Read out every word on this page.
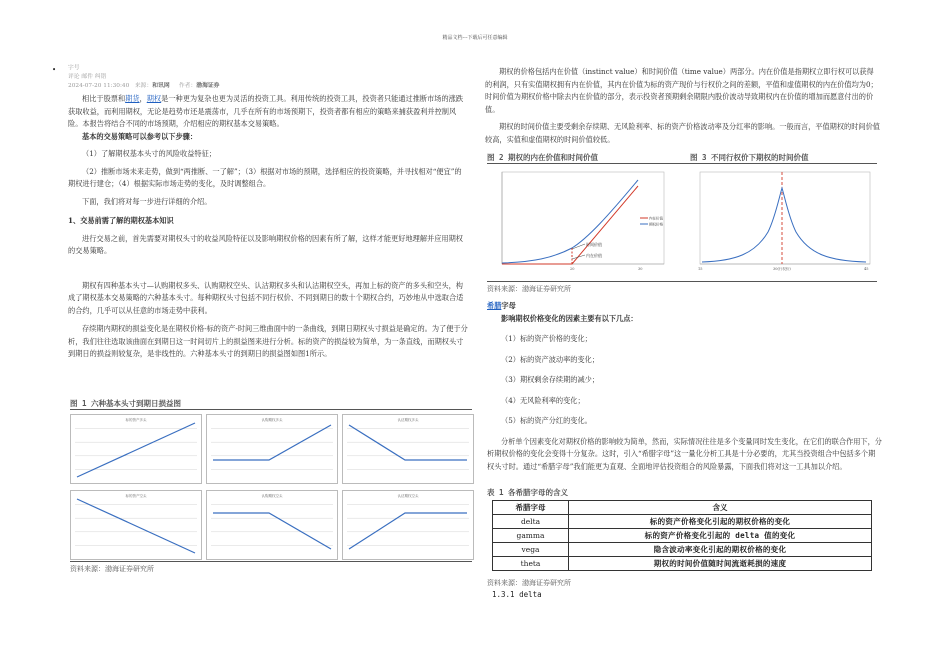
精品文档---下载后可任意编辑
• 字号
评论 邮件 纠错
2024-07-20 11:30:40 来源：和讯网 作者：渤海证券

相比于股票和期货，期权是一种更为复杂也更为灵活的投资工具。利用传统的投资工具，投资者只能通过推断市场的涨跌获取收益，而利用期权，无论是趋势市还是震荡市，几乎在所有的市场预期下，投资者都有相应的策略来捕获盈利并控制风险。本报告将结合不同的市场预期，介绍相应的期权基本交易策略。

基本的交易策略可以参考以下步骤：

（1）了解期权基本头寸的风险收益特征；

（2）推断市场未来走势，做到“两推断、一了解”；（3）根据对市场的预期，选择相应的投资策略，并寻找相对“便宜”的期权进行建仓；（4）根据实际市场走势的变化，及时调整组合。

下面，我们将对每一步进行详细的介绍。

1、交易前需了解的期权基本知识

进行交易之前，首先需要对期权头寸的收益风险特征以及影响期权价格的因素有所了解，这样才能更好地理解并应用期权的交易策略。

期权有四种基本头寸—认购期权多头、认购期权空头、认沽期权多头和认沽期权空头，再加上标的资产的多头和空头，构成了期权基本交易策略的六种基本头寸。每种期权头寸包括不同行权价、不同到期日的数十个期权合约，巧妙地从中选取合适的合约，几乎可以从任意的市场走势中获利。

存续期内期权的损益变化是在期权价格-标的资产-时间三维曲面中的一条曲线，到期日期权头寸损益是确定的。为了便于分析，我们往往选取该曲面在到期日这一时间切片上的损益图来进行分析。标的资产的损益较为简单，为一条直线，而期权头寸到期日的损益则较复杂，是非线性的。六种基本头寸的到期日的损益图如图1所示。

图 1 六种基本头寸到期日损益图
标的资产多头	认购期权多头	认沽期权多头
标的资产空头	认购期权空头	认沽期权空头
资料来源：渤海证券研究所

期权的价格包括内在价值（instinct value）和时间价值（time value）两部分。内在价值是指期权立即行权可以获得的利润，只有实值期权拥有内在价值，其内在价值为标的资产现价与行权价之间的差额，平值和虚值期权的内在价值均为0；时间价值为期权价格中除去内在价值的部分，表示投资者预期剩余期限内股价波动导致期权内在价值的增加而愿意付出的价值。

期权的时间价值主要受剩余存续期、无风险利率、标的资产价格波动率及分红率的影响。一般而言，平值期权的时间价值较高，实值和虚值期权的时间价值较低。

图 2 期权的内在价值和时间价值	图 3 不同行权价下期权的时间价值
时间价值
内在价值
内在价值
期权价格
20	30	15	30(行权价)	45
资料来源：渤海证券研究所

希腊字母

影响期权价格变化的因素主要有以下几点：

（1）标的资产价格的变化；

（2）标的资产波动率的变化；

（3）期权剩余存续期的减少；

（4）无风险利率的变化；

（5）标的资产分红的变化。

分析单个因素变化对期权价格的影响较为简单，然而，实际情况往往是多个变量同时发生变化，在它们的联合作用下，分析期权价格的变化会变得十分复杂。这时，引入“希腊字母”这一量化分析工具是十分必要的，尤其当投资组合中包括多个期权头寸时。通过“希腊字母”我们能更为直观、全面地评估投资组合的风险暴露，下面我们将对这一工具加以介绍。

表 1 各希腊字母的含义
希腊字母	含义
delta	标的资产价格变化引起的期权价格的变化
gamma	标的资产价格变化引起的 delta 值的变化
vega	隐含波动率变化引起的期权价格的变化
theta	期权的时间价值随时间流逝耗损的速度
资料来源：渤海证券研究所
1.3.1 delta
